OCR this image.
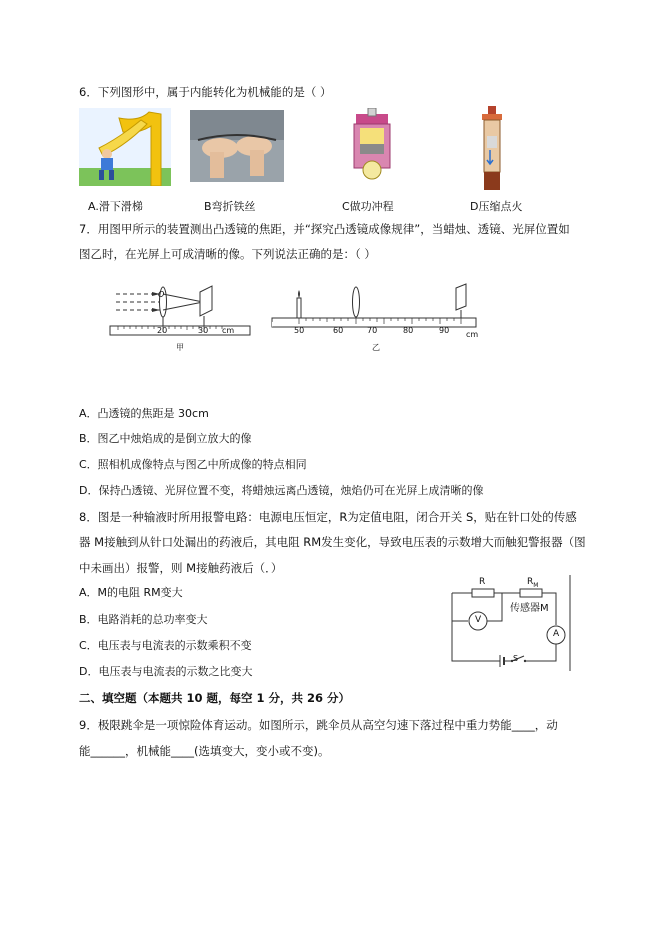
6．下列图形中，属于内能转化为机械能的是（ ）
A.滑下滑梯	B弯折铁丝	C做功冲程	D压缩点火
7．用图甲所示的装置测出凸透镜的焦距，并“探究凸透镜成像规律”，当蜡烛、透镜、光屏位置如
图乙时，在光屏上可成清晰的像。下列说法正确的是：（ ）
O
20	30 cm
甲
50	60	70	80	90 cm
乙
A．凸透镜的焦距是 30cm
B．图乙中烛焰成的是倒立放大的像
C．照相机成像特点与图乙中所成像的特点相同
D．保持凸透镜、光屏位置不变，将蜡烛远离凸透镜，烛焰仍可在光屏上成清晰的像
8．图是一种输液时所用报警电路：电源电压恒定，R为定值电阻，闭合开关 S，贴在针口处的传感
器 M接触到从针口处漏出的药液后，其电阻 RM发生变化，导致电压表的示数增大而触犯警报器（图
中未画出）报警，则 M接触药液后（．）
A．M的电阻 RM变大
B．电路消耗的总功率变大
C．电压表与电流表的示数乘积不变
D．电压表与电流表的示数之比变大
R	$R_M$
传感器M
V
A
S
二、填空题（本题共 10 题，每空 1 分，共 26 分）
9．极限跳伞是一项惊险体育运动。如图所示，跳伞员从高空匀速下落过程中重力势能____，动
能______，机械能____(选填变大，变小或不变)。
